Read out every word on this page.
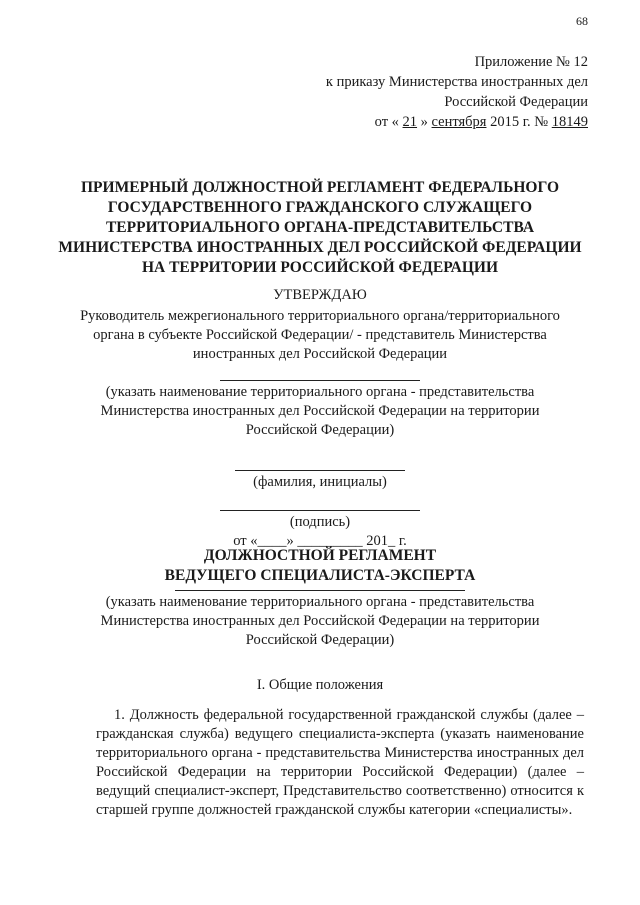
68
Приложение № 12
к приказу Министерства иностранных дел
Российской Федерации
от « 21 » сентября 2015 г. № 18149
ПРИМЕРНЫЙ ДОЛЖНОСТНОЙ РЕГЛАМЕНТ ФЕДЕРАЛЬНОГО
ГОСУДАРСТВЕННОГО ГРАЖДАНСКОГО СЛУЖАЩЕГО
ТЕРРИТОРИАЛЬНОГО ОРГАНА-ПРЕДСТАВИТЕЛЬСТВА
МИНИСТЕРСТВА ИНОСТРАННЫХ ДЕЛ РОССИЙСКОЙ ФЕДЕРАЦИИ
НА ТЕРРИТОРИИ РОССИЙСКОЙ ФЕДЕРАЦИИ
УТВЕРЖДАЮ
Руководитель межрегионального территориального органа/территориального
органа в субъекте Российской Федерации/ - представитель Министерства
иностранных дел Российской Федерации
(указать наименование территориального органа - представительства
Министерства иностранных дел Российской Федерации на территории
Российской Федерации)
(фамилия, инициалы)
(подпись)
от «____» _________ 201_ г.
ДОЛЖНОСТНОЙ РЕГЛАМЕНТ
ВЕДУЩЕГО СПЕЦИАЛИСТА-ЭКСПЕРТА
(указать наименование территориального органа - представительства
Министерства иностранных дел Российской Федерации на территории
Российской Федерации)
I. Общие положения

1. Должность федеральной государственной гражданской службы (далее – гражданская служба) ведущего специалиста-эксперта (указать наименование территориального органа - представительства Министерства иностранных дел Российской Федерации на территории Российской Федерации) (далее – ведущий специалист-эксперт, Представительство соответственно) относится к старшей группе должностей гражданской службы категории «специалисты».
